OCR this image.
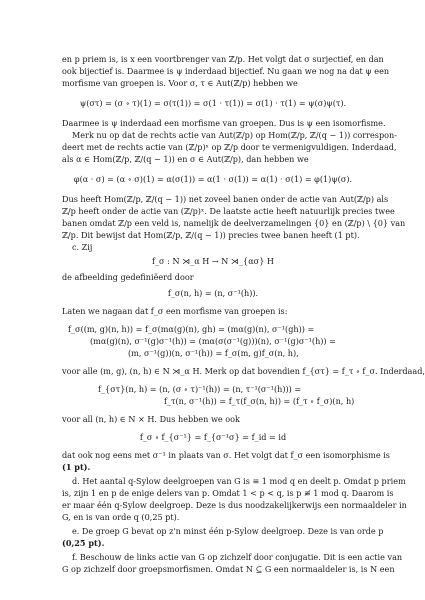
en p priem is, is x een voortbrenger van ℤ/p. Het volgt dat σ surjectief, en dan
ook bijectief is. Daarmee is ψ inderdaad bijectief. Nu gaan we nog na dat ψ een
morfisme van groepen is. Voor σ, τ ∈ Aut(ℤ/p) hebben we
ψ(στ) = (σ ∘ τ)(1) = σ(τ(1)) = σ(1 · τ(1)) = σ(1) · τ(1) = ψ(σ)ψ(τ).
Daarmee is ψ inderdaad een morfisme van groepen. Dus is ψ een isomorfisme.
Merk nu op dat de rechts actie van Aut(ℤ/p) op Hom(ℤ/p, ℤ/(q − 1)) correspon-
deert met de rechts actie van (ℤ/p)ˣ op ℤ/p door te vermenigvuldigen. Inderdaad,
als α ∈ Hom(ℤ/p, ℤ/(q − 1)) en σ ∈ Aut(ℤ/p), dan hebben we
φ(α · σ) = (α ∘ σ)(1) = α(σ(1)) = α(1 · σ(1)) = α(1) · σ(1) = φ(1)ψ(σ).
Dus heeft Hom(ℤ/p, ℤ/(q − 1)) net zoveel banen onder de actie van Aut(ℤ/p) als
ℤ/p heeft onder de actie van (ℤ/p)ˣ. De laatste actie heeft natuurlijk precies twee
banen omdat ℤ/p een veld is, namelijk de deelverzamelingen {0} en (ℤ/p) \ {0} van
ℤ/p. Dit bewijst dat Hom(ℤ/p, ℤ/(q − 1)) precies twee banen heeft (1 pt).
c. Zij
f_σ : N ⋊_α H → N ⋊_{ασ} H
de afbeelding gedefiniëerd door
f_σ(n, h) = (n, σ⁻¹(h)).
Laten we nagaan dat f_σ een morfisme van groepen is:
f_σ((m, g)(n, h)) = f_σ(mα(g)(n), gh) = (mα(g)(n), σ⁻¹(gh)) =
(mα(g)(n), σ⁻¹(g)σ⁻¹(h)) = (mα(σ(σ⁻¹(g)))(n), σ⁻¹(g)σ⁻¹(h)) =
(m, σ⁻¹(g))(n, σ⁻¹(h)) = f_σ(m, g)f_σ(n, h),
voor alle (m, g), (n, h) ∈ N ⋊_α H. Merk op dat bovendien f_{στ} = f_τ ∘ f_σ. Inderdaad,
f_{στ}(n, h) = (n, (σ ∘ τ)⁻¹(h)) = (n, τ⁻¹(σ⁻¹(h))) =
f_τ(n, σ⁻¹(h)) = f_τ(f_σ(n, h)) = (f_τ ∘ f_σ)(n, h)
voor all (n, h) ∈ N × H. Dus hebben we ook
f_σ ∘ f_{σ⁻¹} = f_{σ⁻¹σ} = f_id = id
dat ook nog eens met σ⁻¹ in plaats van σ. Het volgt dat f_σ een isomorphisme is
(1 pt).
d. Het aantal q-Sylow deelgroepen van G is ≡ 1 mod q en deelt p. Omdat p priem
is, zijn 1 en p de enige delers van p. Omdat 1 < p < q, is p ≢ 1 mod q. Daarom is
er maar één q-Sylow deelgroep. Deze is dus noodzakelijkerwijs een normaaldeler in
G, en is van orde q (0,25 pt).
e. De groep G bevat op z'n minst één p-Sylow deelgroep. Deze is van orde p
(0,25 pt).
f. Beschouw de links actie van G op zichzelf door conjugatie. Dit is een actie van
G op zichzelf door groepsmorfismen. Omdat N ⊆ G een normaaldeler is, is N een
